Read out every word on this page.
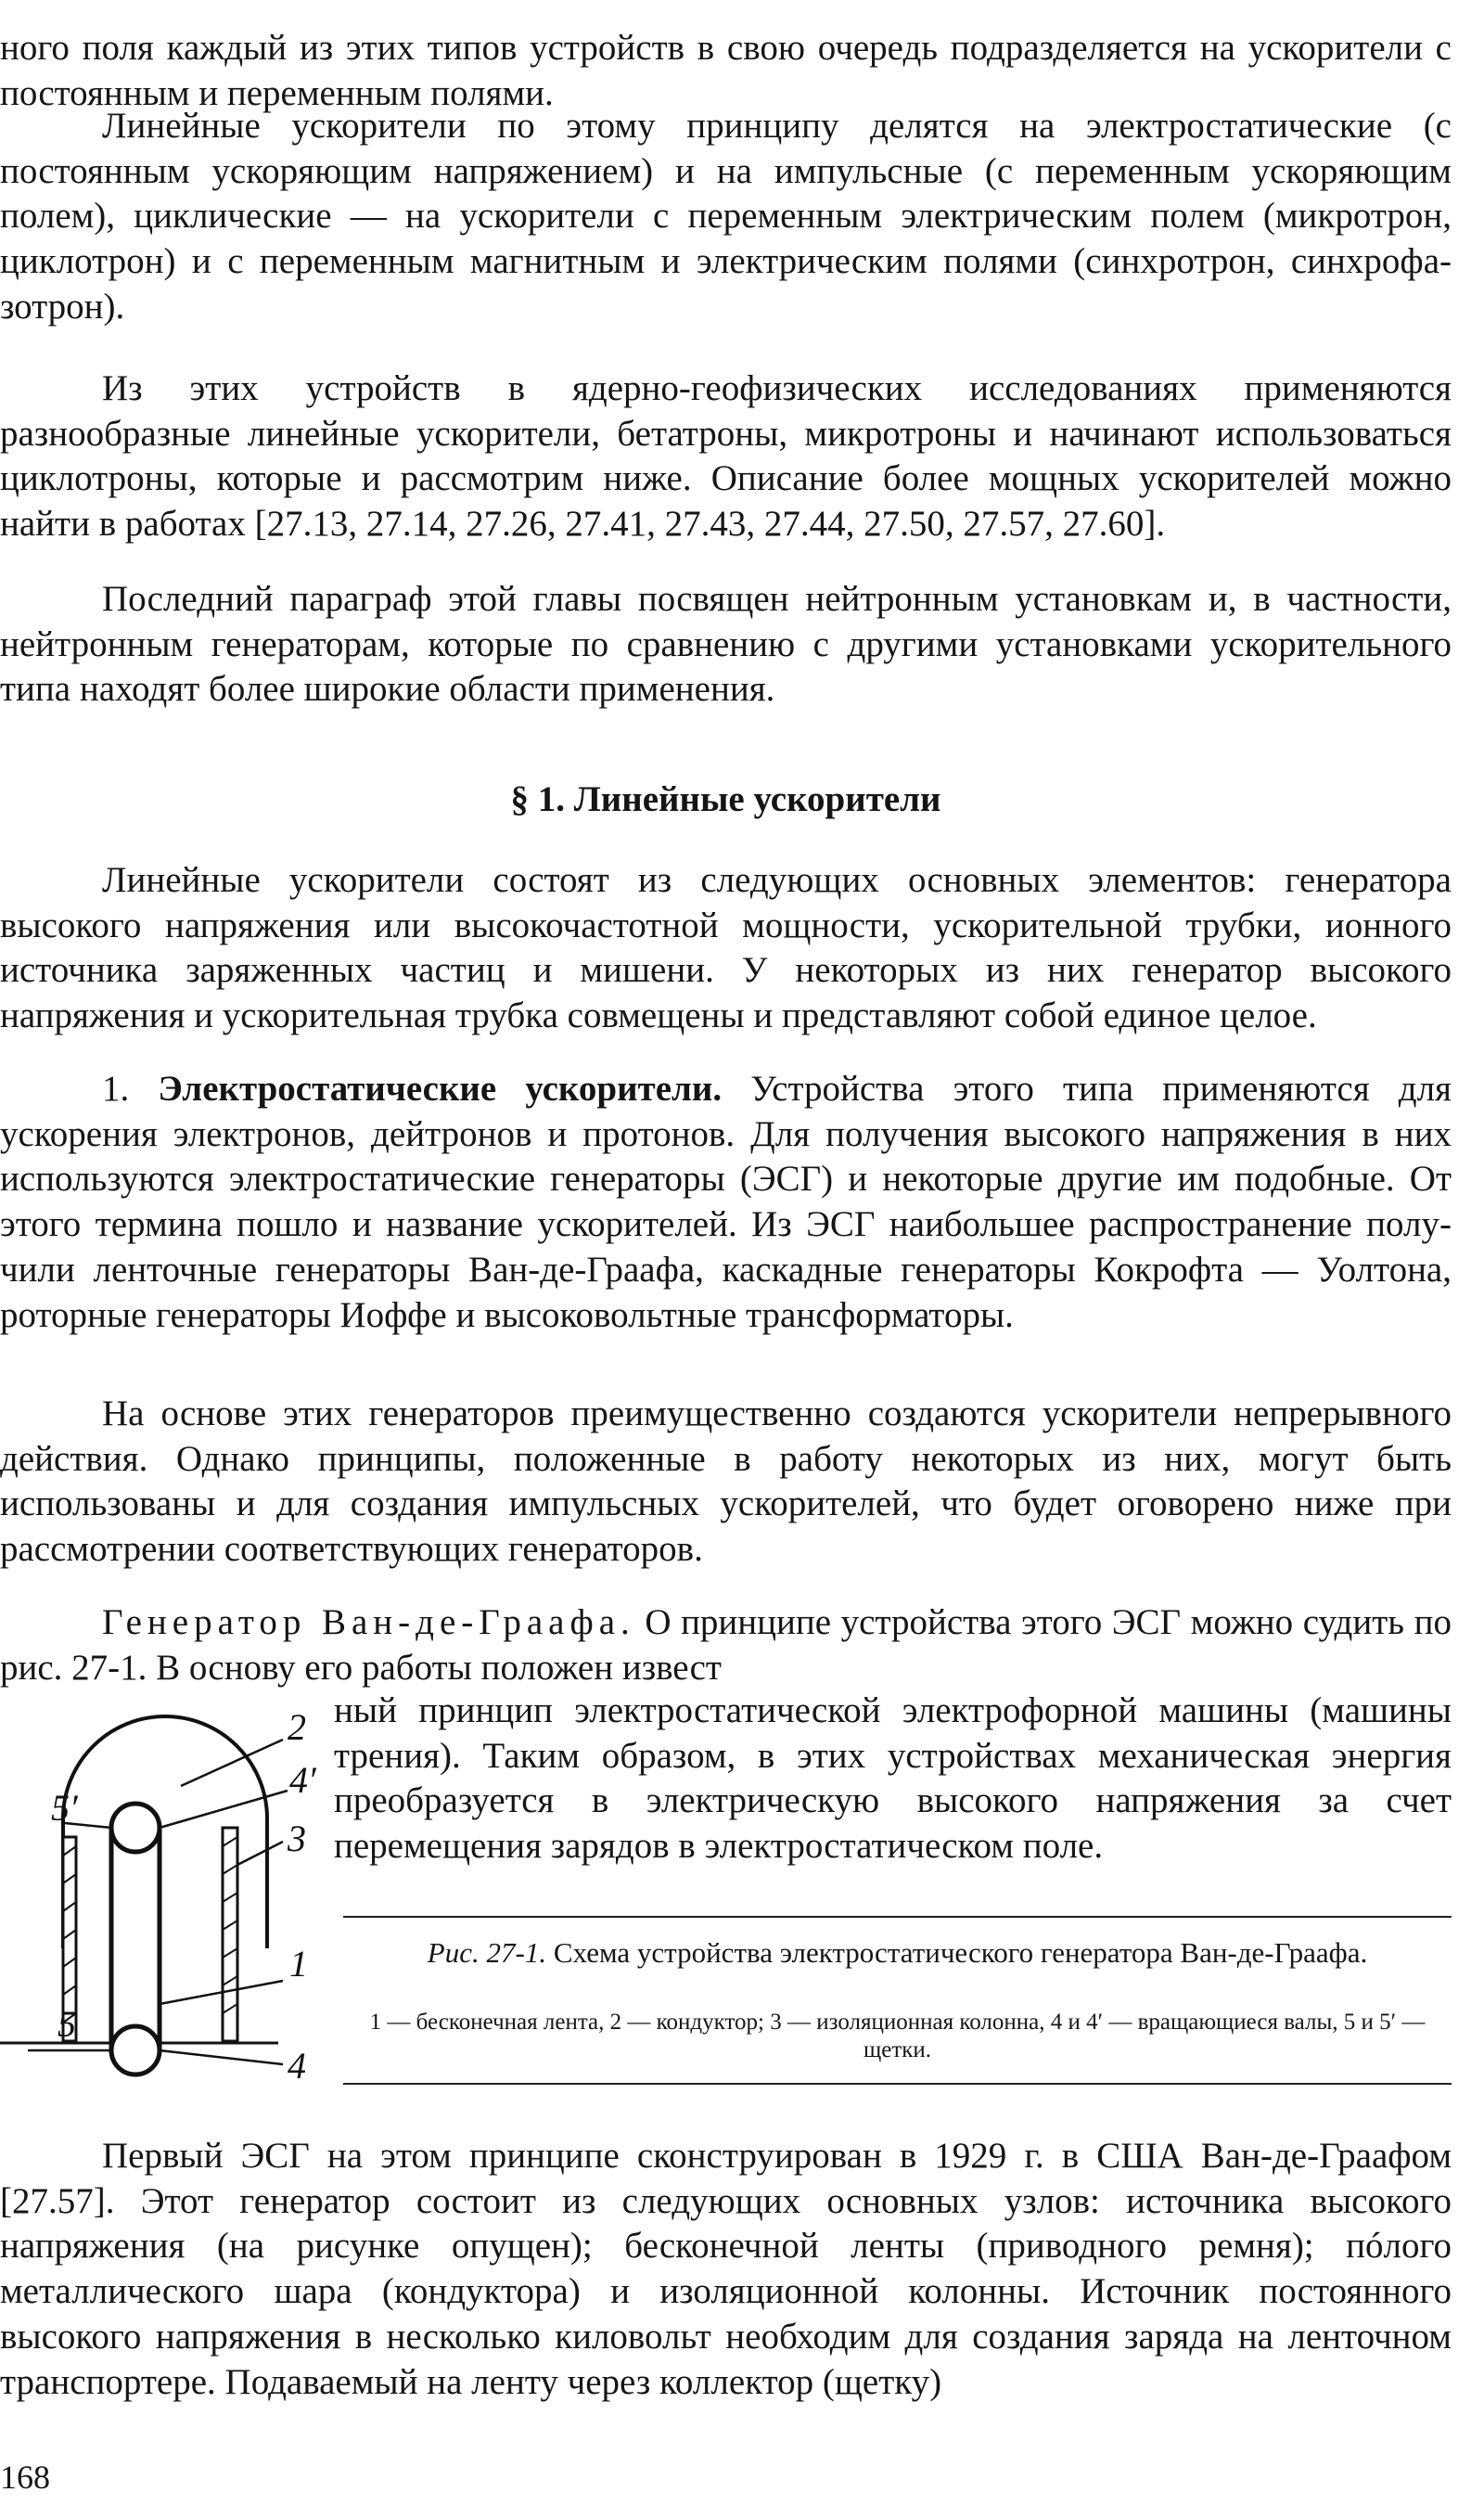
ного поля каждый из этих типов устройств в свою очередь подразделяется на ускорители с постоянным и переменным полями.

Линейные ускорители по этому принципу делятся на электростатические (с постоянным ускоряющим напряжением) и на импульсные (с переменным ускоряющим полем), циклические — на ускорители с переменным электрическим полем (микротрон, циклотрон) и с переменным магнитным и электрическим полями (синхротрон, синхрофазотрон).

Из этих устройств в ядерно-геофизических исследованиях применяются разнообразные линейные ускорители, бетатроны, микротроны и начинают использоваться циклотроны, которые и рассмотрим ниже. Описание более мощных ускорителей можно найти в работах [27.13, 27.14, 27.26, 27.41, 27.43, 27.44, 27.50, 27.57, 27.60].

Последний параграф этой главы посвящен нейтронным установкам и, в частности, нейтронным генераторам, которые по сравнению с другими установками ускорительного типа находят более широкие области применения.

§ 1. Линейные ускорители

Линейные ускорители состоят из следующих основных элементов: генератора высокого напряжения или высокочастотной мощности, ускорительной трубки, ионного источника заряженных частиц и мишени. У некоторых из них генератор высокого напряжения и ускорительная трубка совмещены и представляют собой единое целое.

1. Электростатические ускорители. Устройства этого типа применяются для ускорения электронов, дейтронов и протонов. Для получения высокого напряжения в них используются электростатические генераторы (ЭСГ) и некоторые другие им подобные. От этого термина пошло и название ускорителей. Из ЭСГ наибольшее распространение получили ленточные генераторы Ван-де-Граафа, каскадные генераторы Кокрофта — Уолтона, роторные генераторы Иоффе и высоковольтные трансформаторы.

На основе этих генераторов преимущественно создаются ускорители непрерывного действия. Однако принципы, положенные в работу некоторых из них, могут быть использованы и для создания импульсных ускорителей, что будет оговорено ниже при рассмотрении соответствующих генераторов.

Генератор Ван-де-Граафа. О принципе устройства этого ЭСГ можно судить по рис. 27-1. В основу его работы положен извест

ный принцип электростатической электрофорной машины (машины трения). Таким образом, в этих устройствах механическая энергия преобразуется в электрическую высокого напряжения за счет перемещения зарядов в электростатическом поле.

2
4′
5′
3
1
5
4

Рис. 27-1. Схема устройства электростатического генератора Ван-де-Граафа.

1 — бесконечная лента, 2 — кондуктор; 3 — изоляционная колонна, 4 и 4′ — вращающиеся валы, 5 и 5′ — щетки.

Первый ЭСГ на этом принципе сконструирован в 1929 г. в США Ван-де-Граафом [27.57]. Этот генератор состоит из следующих основных узлов: источника высокого напряжения (на рисунке опущен); бесконечной ленты (приводного ремня); пóлого металлического шара (кондуктора) и изоляционной колонны. Источник постоянного высокого напряжения в несколько киловольт необходим для создания заряда на ленточном транспортере. Подаваемый на ленту через коллектор (щетку)

168
